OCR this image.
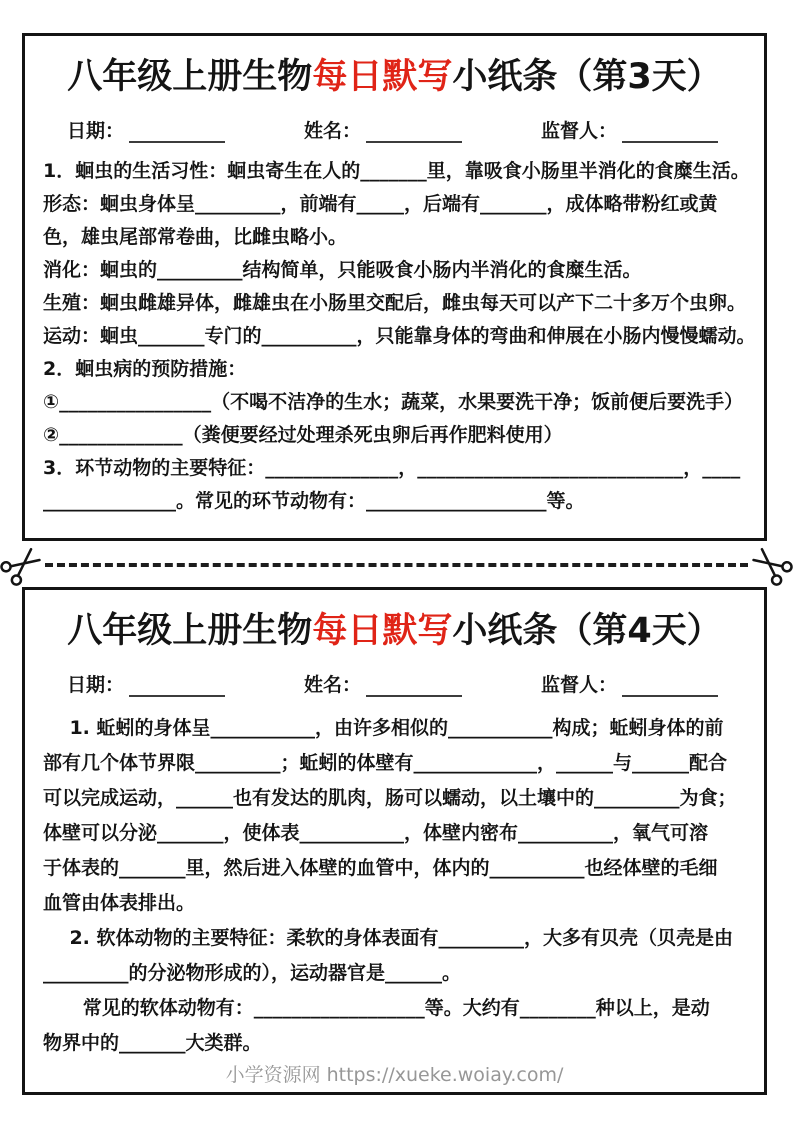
八年级上册生物每日默写小纸条（第3天）
日期：	姓名：	监督人：
1．蛔虫的生活习性：蛔虫寄生在人的_______里，靠吸食小肠里半消化的食糜生活。
形态：蛔虫身体呈_________，前端有_____，后端有_______，成体略带粉红或黄
色，雄虫尾部常卷曲，比雌虫略小。
消化：蛔虫的_________结构简单，只能吸食小肠内半消化的食糜生活。
生殖：蛔虫雌雄异体，雌雄虫在小肠里交配后，雌虫每天可以产下二十多万个虫卵。
运动：蛔虫_______专门的__________，只能靠身体的弯曲和伸展在小肠内慢慢蠕动。
2．蛔虫病的预防措施：
①________________（不喝不洁净的生水；蔬菜，水果要洗干净；饭前便后要洗手）
②_____________（粪便要经过处理杀死虫卵后再作肥料使用）
3．环节动物的主要特征：______________，____________________________，____
______________。常见的环节动物有：___________________等。
八年级上册生物每日默写小纸条（第4天）
日期：	姓名：	监督人：
1. 蚯蚓的身体呈___________，由许多相似的___________构成；蚯蚓身体的前
部有几个体节界限_________；蚯蚓的体壁有_____________，______与______配合
可以完成运动，______也有发达的肌肉，肠可以蠕动，以土壤中的_________为食；
体壁可以分泌_______，使体表___________，体壁内密布__________，氧气可溶
于体表的_______里，然后进入体壁的血管中，体内的__________也经体壁的毛细
血管由体表排出。
2. 软体动物的主要特征：柔软的身体表面有_________，大多有贝壳（贝壳是由
_________的分泌物形成的），运动器官是______。
常见的软体动物有：__________________等。大约有________种以上，是动
物界中的_______大类群。
小学资源网 https://xueke.woiay.com/
